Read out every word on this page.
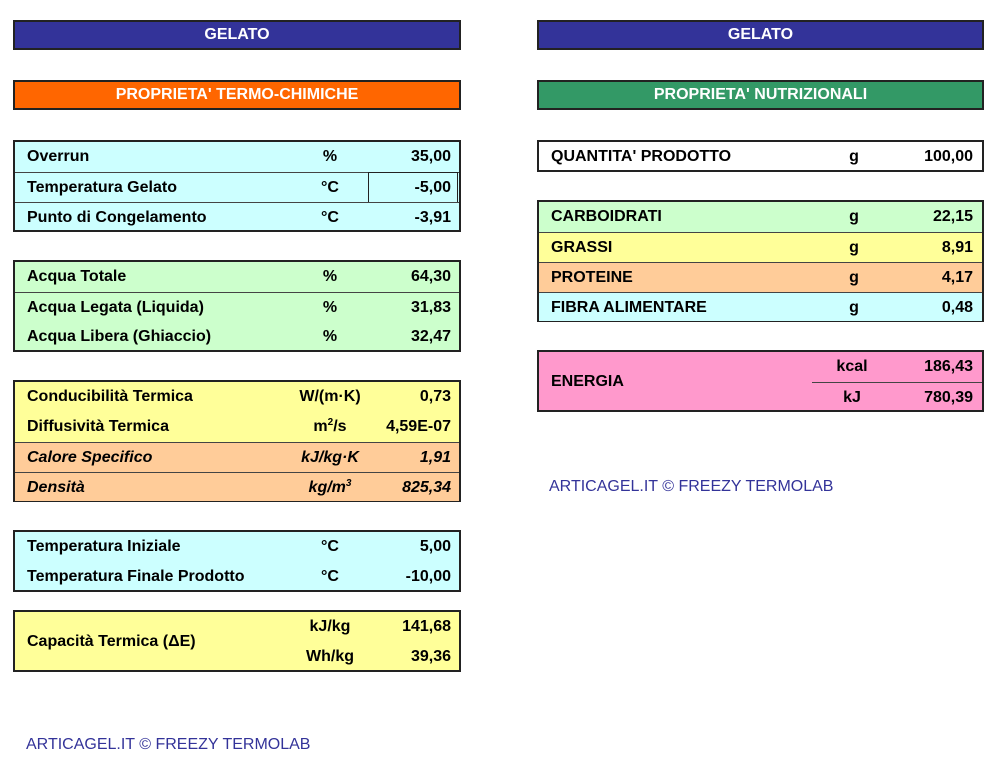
GELATO
PROPRIETA' TERMO-CHIMICHE
Overrun	%	35,00
Temperatura Gelato	°C	-5,00
Punto di Congelamento	°C	-3,91
Acqua Totale	%	64,30
Acqua Legata (Liquida)	%	31,83
Acqua Libera (Ghiaccio)	%	32,47
Conducibilità Termica	W/(m·K)	0,73
Diffusività Termica	$m^2/s$	4,59E-07
Calore Specifico	kJ/kg·K	1,91
Densità	$kg/m^3$	825,34
Temperatura Iniziale	°C	5,00
Temperatura Finale Prodotto	°C	-10,00
Capacità Termica (ΔE)
kJ/kg	141,68
Wh/kg	39,36
ARTICAGEL.IT © FREEZY TERMOLAB
GELATO
PROPRIETA' NUTRIZIONALI
QUANTITA' PRODOTTO	g	100,00
CARBOIDRATI	g	22,15
GRASSI	g	8,91
PROTEINE	g	4,17
FIBRA ALIMENTARE	g	0,48
ENERGIA
kcal	186,43
kJ	780,39
ARTICAGEL.IT © FREEZY TERMOLAB
